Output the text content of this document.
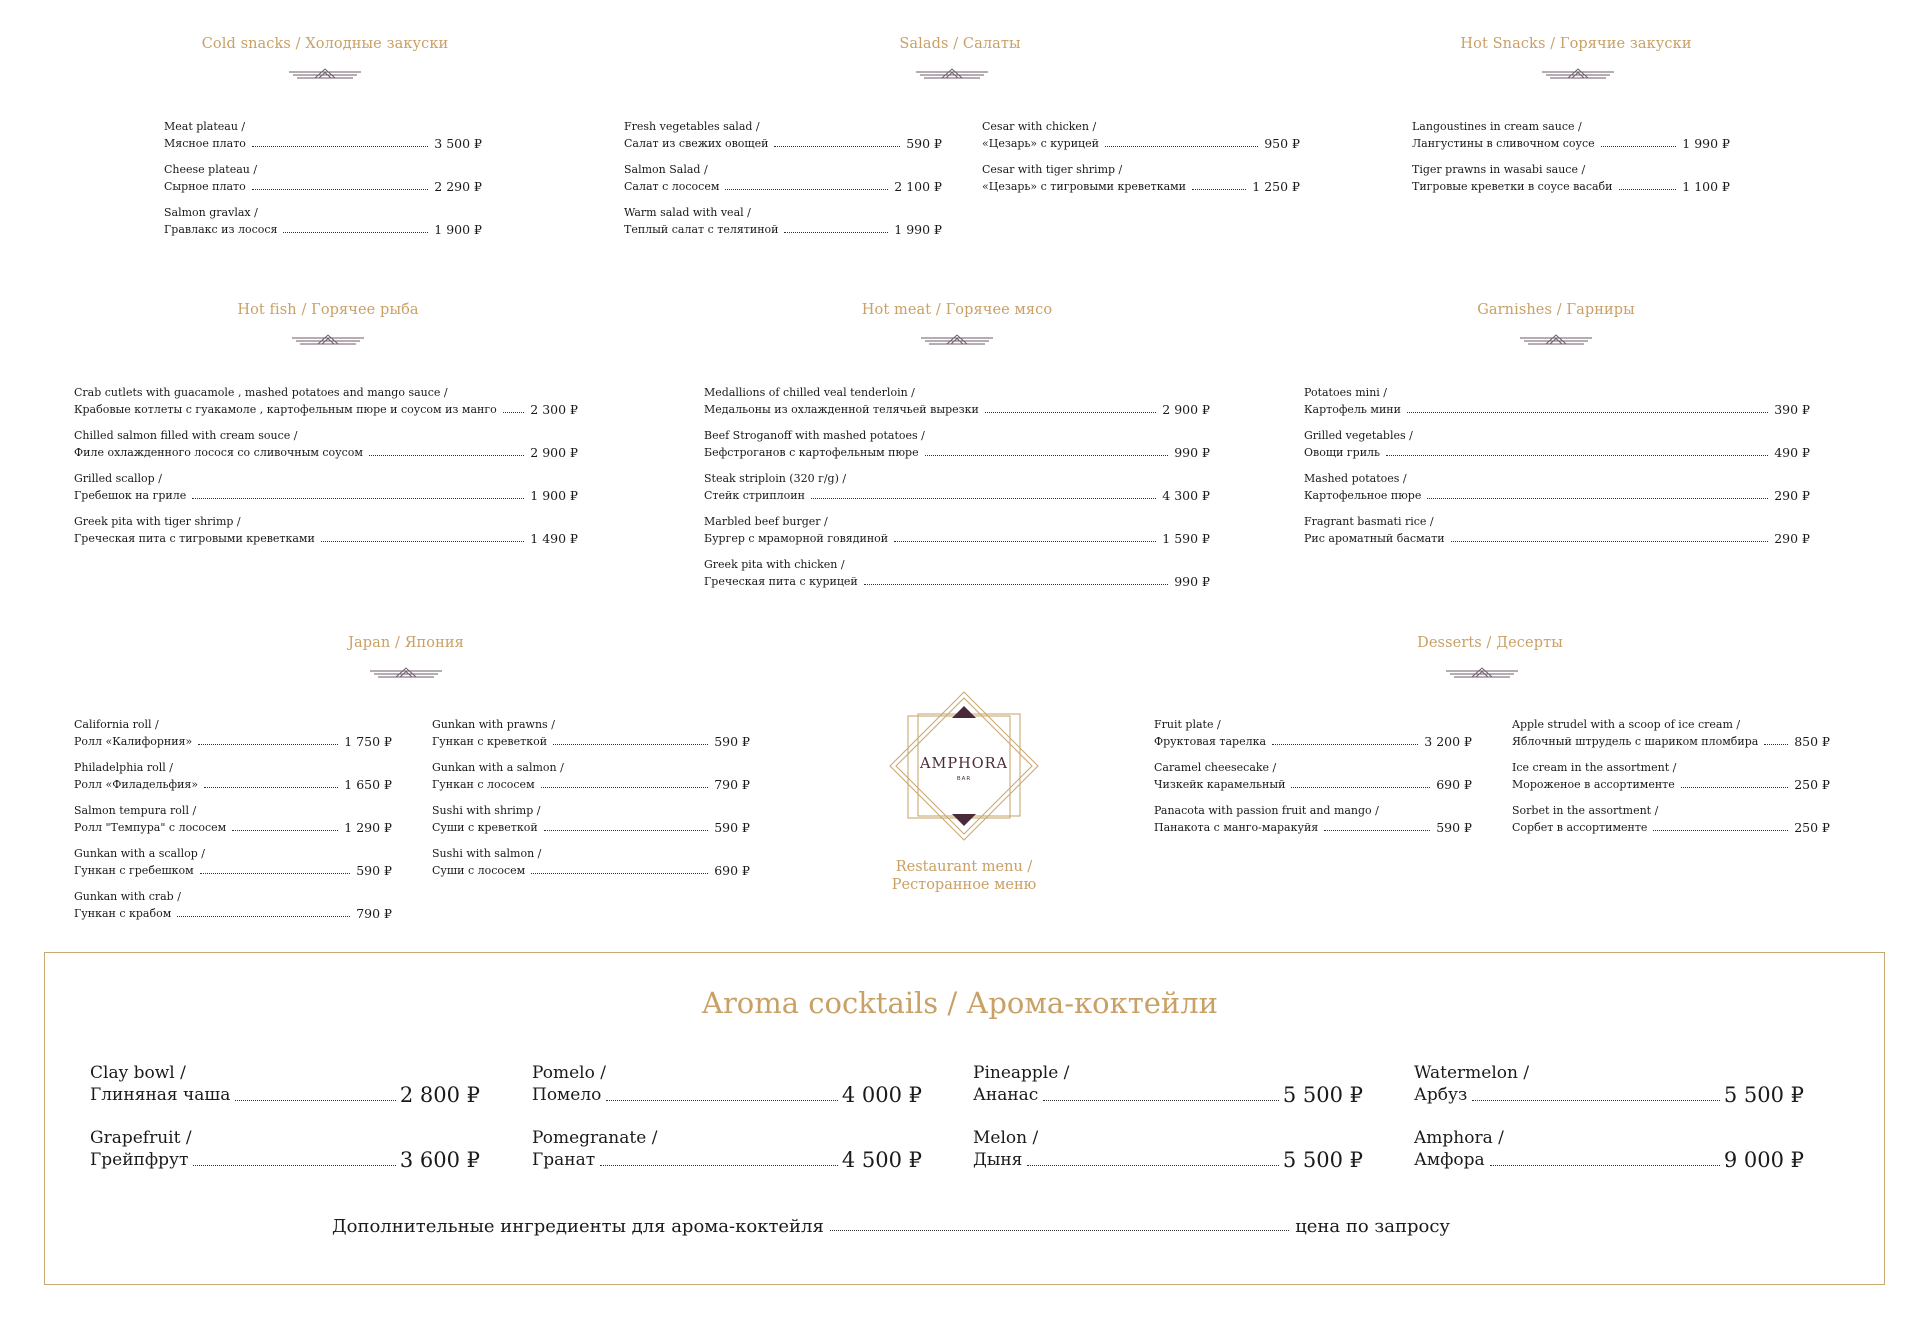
Cold snacks / Холодные закуски	Salads / Салаты	Hot Snacks / Горячие закуски
Hot fish / Горячее рыба	Hot meat / Горячее мясо	Garnishes / Гарниры
Japan / Япония	Desserts / Десерты
Meat plateau /
Мясное плато	3 500 ₽
Cheese plateau /
Сырное плато	2 290 ₽
Salmon gravlax /
Гравлакс из лосося	1 900 ₽
Fresh vegetables salad /
Салат из свежих овощей	590 ₽
Salmon Salad /
Салат с лососем	2 100 ₽
Warm salad with veal /
Теплый салат с телятиной	1 990 ₽
Cesar with chicken /
«Цезарь» с курицей	950 ₽
Cesar with tiger shrimp /
«Цезарь» с тигровыми креветками	1 250 ₽
Langoustines in cream sauce /
Лангустины в сливочном соусе	1 990 ₽
Tiger prawns in wasabi sauce /
Тигровые креветки в соусе васаби	1 100 ₽
Crab cutlets with guacamole , mashed potatoes and mango sauce /
Крабовые котлеты с гуакамоле , картофельным пюре и соусом из манго	2 300 ₽
Chilled salmon filled with cream souce /
Филе охлажденного лосося со сливочным соусом	2 900 ₽
Grilled scallop /
Гребешок на гриле	1 900 ₽
Greek pita with tiger shrimp /
Греческая пита с тигровыми креветками	1 490 ₽
Medallions of chilled veal tenderloin /
Медальоны из охлажденной телячьей вырезки	2 900 ₽
Beef Stroganoff with mashed potatoes /
Бефстроганов с картофельным пюре	990 ₽
Steak striploin (320 г/g) /
Стейк стриплоин	4 300 ₽
Marbled beef burger /
Бургер с мраморной говядиной	1 590 ₽
Greek pita with chicken /
Греческая пита с курицей	990 ₽
Potatoes mini /
Картофель мини	390 ₽
Grilled vegetables /
Овощи гриль	490 ₽
Mashed potatoes /
Картофельное пюре	290 ₽
Fragrant basmati rice /
Рис ароматный басмати	290 ₽
California roll /
Ролл «Калифорния»	1 750 ₽
Philadelphia roll /
Ролл «Филадельфия»	1 650 ₽
Salmon tempura roll /
Ролл "Темпура" с лососем	1 290 ₽
Gunkan with a scallop /
Гункан с гребешком	590 ₽
Gunkan with crab /
Гункан с крабом	790 ₽
Gunkan with prawns /
Гункан с креветкой	590 ₽
Gunkan with a salmon /
Гункан с лососем	790 ₽
Sushi with shrimp /
Суши с креветкой	590 ₽
Sushi with salmon /
Суши с лососем	690 ₽
Fruit plate /
Фруктовая тарелка	3 200 ₽
Caramel cheesecake /
Чизкейк карамельный	690 ₽
Panacota with passion fruit and mango /
Панакота с манго-маракуйя	590 ₽
Apple strudel with a scoop of ice cream /
Яблочный штрудель с шариком пломбира	850 ₽
Ice cream in the assortment /
Мороженое в ассортименте	250 ₽
Sorbet in the assortment /
Сорбет в ассортименте	250 ₽
AMPHORA
BAR
Restaurant menu /
Ресторанное меню
Aroma cocktails / Арома-коктейли
Clay bowl /
Глиняная чаша	2 800 ₽
Grapefruit /
Грейпфрут	3 600 ₽
Pomelo /
Помело	4 000 ₽
Pomegranate /
Гранат	4 500 ₽
Pineapple /
Ананас	5 500 ₽
Melon /
Дыня	5 500 ₽
Watermelon /
Арбуз	5 500 ₽
Amphora /
Амфора	9 000 ₽
Дополнительные ингредиенты для арома-коктейля	цена по запросу
